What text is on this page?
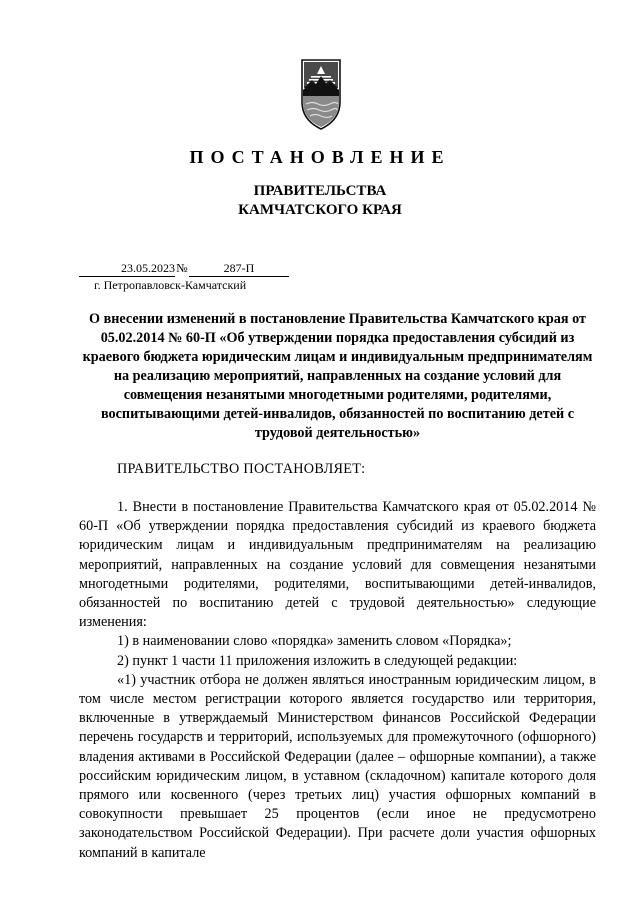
ПОСТАНОВЛЕНИЕ
ПРАВИТЕЛЬСТВА
КАМЧАТСКОГО КРАЯ
23.05.2023№	287-П
г. Петропавловск-Камчатский
О внесении изменений в постановление Правительства Камчатского края от 05.02.2014 № 60-П «Об утверждении порядка предоставления субсидий из краевого бюджета юридическим лицам и индивидуальным предпринимателям на реализацию мероприятий, направленных на создание условий для совмещения незанятыми многодетными родителями, родителями, воспитывающими детей-инвалидов, обязанностей по воспитанию детей с трудовой деятельностью»
ПРАВИТЕЛЬСТВО ПОСТАНОВЛЯЕТ:

1. Внести в постановление Правительства Камчатского края от 05.02.2014 № 60-П «Об утверждении порядка предоставления субсидий из краевого бюджета юридическим лицам и индивидуальным предпринимателям на реализацию мероприятий, направленных на создание условий для совмещения незанятыми многодетными родителями, родителями, воспитывающими детей-инвалидов, обязанностей по воспитанию детей с трудовой деятельностью» следующие изменения:

1) в наименовании слово «порядка» заменить словом «Порядка»;

2) пункт 1 части 11 приложения изложить в следующей редакции:

«1) участник отбора не должен являться иностранным юридическим лицом, в том числе местом регистрации которого является государство или территория, включенные в утверждаемый Министерством финансов Российской Федерации перечень государств и территорий, используемых для промежуточного (офшорного) владения активами в Российской Федерации (далее – офшорные компании), а также российским юридическим лицом, в уставном (складочном) капитале которого доля прямого или косвенного (через третьих лиц) участия офшорных компаний в совокупности превышает 25 процентов (если иное не предусмотрено законодательством Российской Федерации). При расчете доли участия офшорных компаний в капитале
